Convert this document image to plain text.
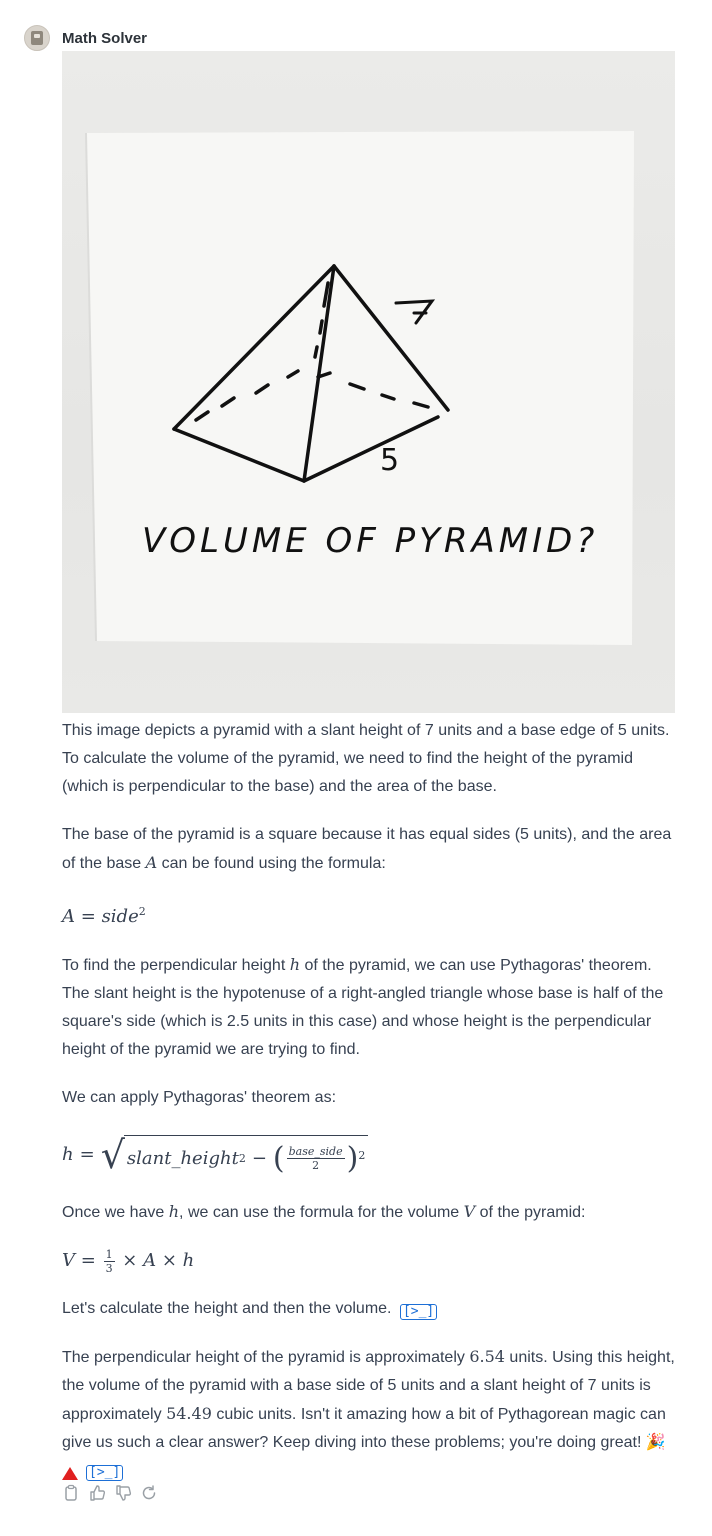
Math Solver
5
VOLUME OF PYRAMID?

This image depicts a pyramid with a slant height of 7 units and a base edge of 5 units. To calculate the volume of the pyramid, we need to find the height of the pyramid (which is perpendicular to the base) and the area of the base.

The base of the pyramid is a square because it has equal sides (5 units), and the area of the base A can be found using the formula:

A = side$^2$

To find the perpendicular height h of the pyramid, we can use Pythagoras' theorem. The slant height is the hypotenuse of a right-angled triangle whose base is half of the square's side (which is 2.5 units in this case) and whose height is the perpendicular height of the pyramid we are trying to find.

We can apply Pythagoras' theorem as:

h = √ slant_height 2 − ( $\frac{\text{base\_side}}{2}$ ) 2

Once we have h, we can use the formula for the volume V of the pyramid:

$V = \frac{1}{3} \times A \times h$

Let's calculate the height and then the volume. [>_]

The perpendicular height of the pyramid is approximately 6.54 units. Using this height, the volume of the pyramid with a base side of 5 units and a slant height of 7 units is approximately 54.49 cubic units. Isn't it amazing how a bit of Pythagorean magic can give us such a clear answer? Keep diving into these problems; you're doing great! 🎉

[>_]
